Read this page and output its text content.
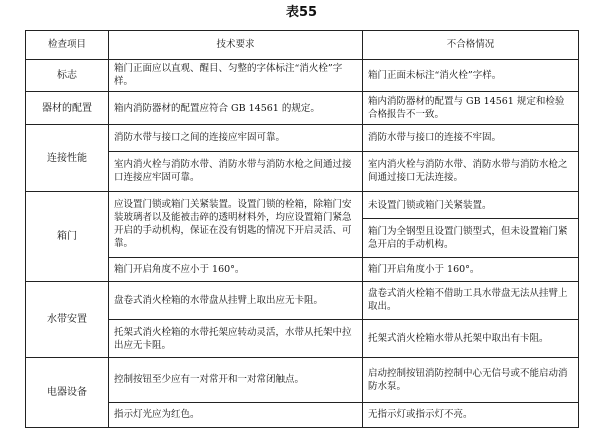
表55
检查项目	技术要求	不合格情况
标志	箱门正面应以直观、醒目、匀整的字体标注“消火栓”字样。	箱门正面未标注“消火栓”字样。
器材的配置	箱内消防器材的配置应符合 GB 14561 的规定。	箱内消防器材的配置与 GB 14561 规定和检验合格报告不一致。
连接性能	消防水带与接口之间的连接应牢固可靠。	消防水带与接口的连接不牢固。
	室内消火栓与消防水带、消防水带与消防水枪之间通过接口连接应牢固可靠。	室内消火栓与消防水带、消防水带与消防水枪之间通过接口无法连接。
箱门	应设置门锁或箱门关紧装置。设置门锁的栓箱，除箱门安装玻璃者以及能被击碎的透明材料外，均应设置箱门紧急开启的手动机构，保证在没有钥匙的情况下开启灵活、可靠。	未设置门锁或箱门关紧装置。
		箱门为全钢型且设置门锁型式，但未设置箱门紧急开启的手动机构。
	箱门开启角度不应小于 160°。	箱门开启角度小于 160°。
水带安置	盘卷式消火栓箱的水带盘从挂臂上取出应无卡阻。	盘卷式消火栓箱不借助工具水带盘无法从挂臂上取出。
	托架式消火栓箱的水带托架应转动灵活，水带从托架中拉出应无卡阻。	托架式消火栓箱水带从托架中取出有卡阻。
电器设备	控制按钮至少应有一对常开和一对常闭触点。	启动控制按钮消防控制中心无信号或不能启动消防水泵。
	指示灯光应为红色。	无指示灯或指示灯不亮。
